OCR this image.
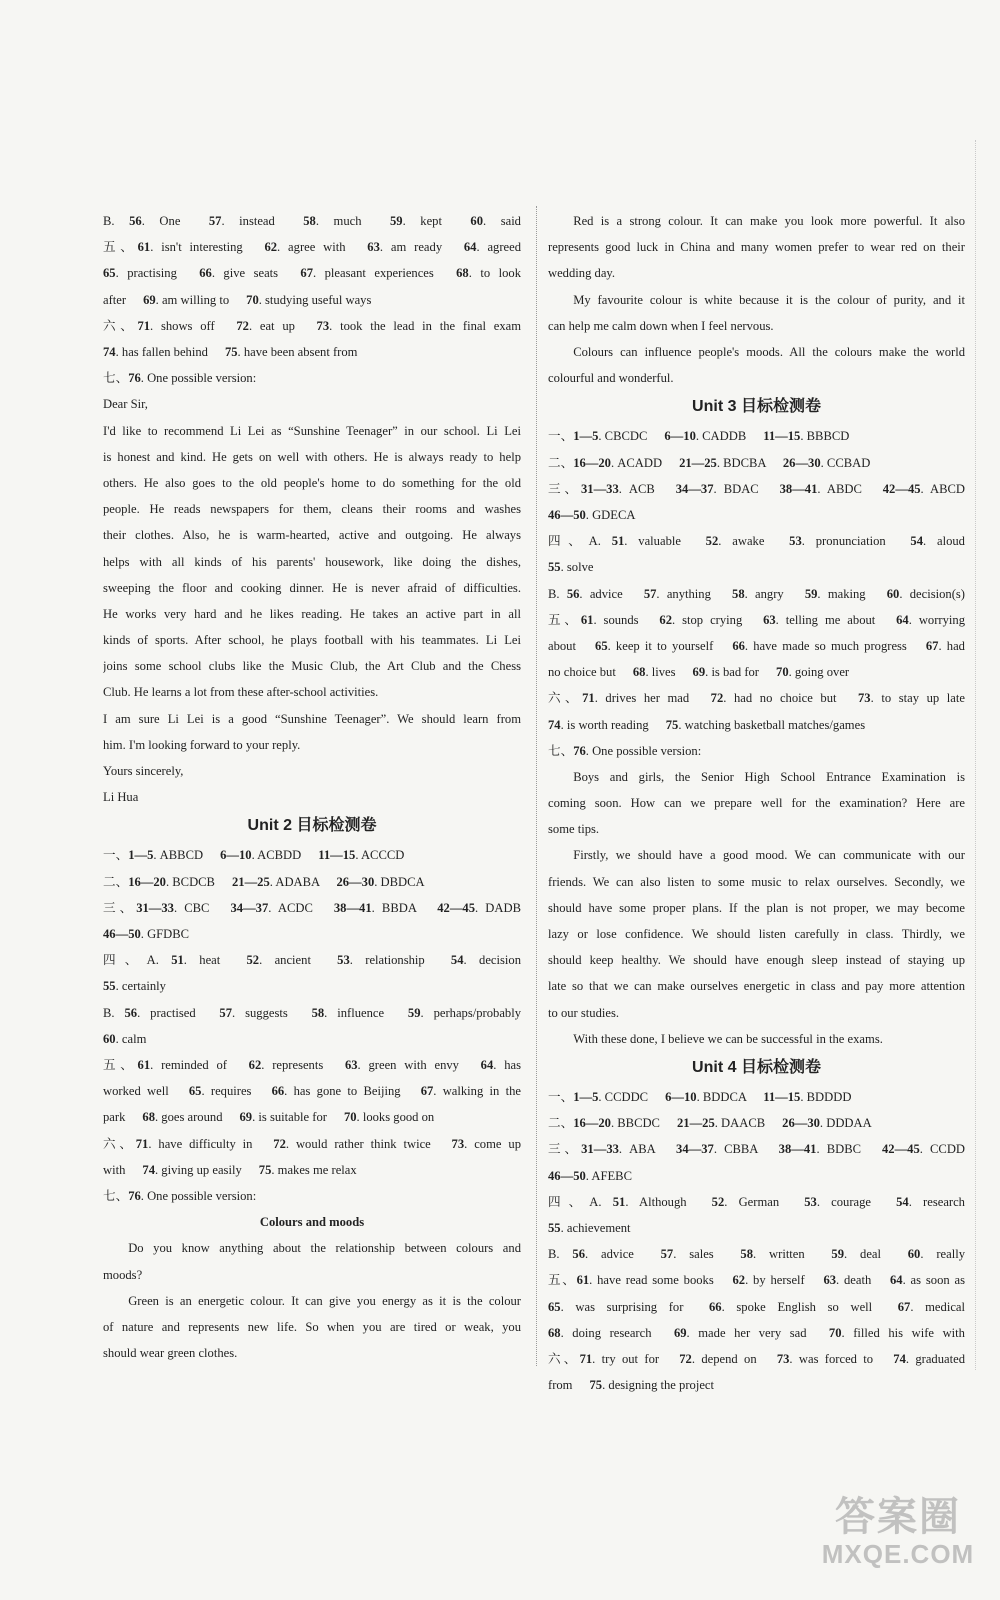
B. 56. One 57. instead 58. much 59. kept 60. said
五、61. isn't interesting 62. agree with 63. am ready 64. agreed
65. practising 66. give seats 67. pleasant experiences 68. to look
after 69. am willing to 70. studying useful ways
六、71. shows off 72. eat up 73. took the lead in the final exam
74. has fallen behind 75. have been absent from
七、76. One possible version:
Dear Sir,
I'd like to recommend Li Lei as “Sunshine Teenager” in our school. Li Lei
is honest and kind. He gets on well with others. He is always ready to help
others. He also goes to the old people's home to do something for the old
people. He reads newspapers for them, cleans their rooms and washes
their clothes. Also, he is warm-hearted, active and outgoing. He always
helps with all kinds of his parents' housework, like doing the dishes,
sweeping the floor and cooking dinner. He is never afraid of difficulties.
He works very hard and he likes reading. He takes an active part in all
kinds of sports. After school, he plays football with his teammates. Li Lei
joins some school clubs like the Music Club, the Art Club and the Chess
Club. He learns a lot from these after-school activities.
I am sure Li Lei is a good “Sunshine Teenager”. We should learn from
him. I'm looking forward to your reply.
Yours sincerely,
Li Hua
Unit 2 目标检测卷
一、1—5. ABBCD 6—10. ACBDD 11—15. ACCCD
二、16—20. BCDCB 21—25. ADABA 26—30. DBDCA
三、31—33. CBC 34—37. ACDC 38—41. BBDA 42—45. DADB
46—50. GFDBC
四、A. 51. heat 52. ancient 53. relationship 54. decision
55. certainly
B. 56. practised 57. suggests 58. influence 59. perhaps/probably
60. calm
五、61. reminded of 62. represents 63. green with envy 64. has
worked well 65. requires 66. has gone to Beijing 67. walking in the
park 68. goes around 69. is suitable for 70. looks good on
六、71. have difficulty in 72. would rather think twice 73. come up
with 74. giving up easily 75. makes me relax
七、76. One possible version:
Colours and moods
Do you know anything about the relationship between colours and
moods?
Green is an energetic colour. It can give you energy as it is the colour
of nature and represents new life. So when you are tired or weak, you
should wear green clothes.
Red is a strong colour. It can make you look more powerful. It also
represents good luck in China and many women prefer to wear red on their
wedding day.
My favourite colour is white because it is the colour of purity, and it
can help me calm down when I feel nervous.
Colours can influence people's moods. All the colours make the world
colourful and wonderful.
Unit 3 目标检测卷
一、1—5. CBCDC 6—10. CADDB 11—15. BBBCD
二、16—20. ACADD 21—25. BDCBA 26—30. CCBAD
三、31—33. ACB 34—37. BDAC 38—41. ABDC 42—45. ABCD
46—50. GDECA
四、A. 51. valuable 52. awake 53. pronunciation 54. aloud
55. solve
B. 56. advice 57. anything 58. angry 59. making 60. decision(s)
五、61. sounds 62. stop crying 63. telling me about 64. worrying
about 65. keep it to yourself 66. have made so much progress 67. had
no choice but 68. lives 69. is bad for 70. going over
六、71. drives her mad 72. had no choice but 73. to stay up late
74. is worth reading 75. watching basketball matches/games
七、76. One possible version:
Boys and girls, the Senior High School Entrance Examination is
coming soon. How can we prepare well for the examination? Here are
some tips.
Firstly, we should have a good mood. We can communicate with our
friends. We can also listen to some music to relax ourselves. Secondly, we
should have some proper plans. If the plan is not proper, we may become
lazy or lose confidence. We should listen carefully in class. Thirdly, we
should keep healthy. We should have enough sleep instead of staying up
late so that we can make ourselves energetic in class and pay more attention
to our studies.
With these done, I believe we can be successful in the exams.
Unit 4 目标检测卷
一、1—5. CCDDC 6—10. BDDCA 11—15. BDDDD
二、16—20. BBCDC 21—25. DAACB 26—30. DDDAA
三、31—33. ABA 34—37. CBBA 38—41. BDBC 42—45. CCDD
46—50. AFEBC
四、A. 51. Although 52. German 53. courage 54. research
55. achievement
B. 56. advice 57. sales 58. written 59. deal 60. really
五、61. have read some books 62. by herself 63. death 64. as soon as
65. was surprising for 66. spoke English so well 67. medical
68. doing research 69. made her very sad 70. filled his wife with
六、71. try out for 72. depend on 73. was forced to 74. graduated
from 75. designing the project
答案圈
MXQE.COM
